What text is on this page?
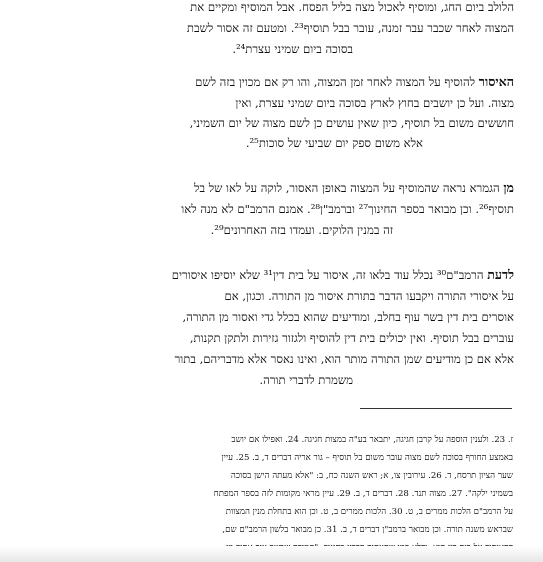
הלולב ביום החג, ומוסיף לאכול מצה בליל הפסח. אבל המוסיף ומקיים את
המצוה לאחר שכבר עבר זמנה, עובר בבל תוסיף²³. ומטעם זה אסור לשבת
בסוכה ביום שמיני עצרת²⁴.
האיסור להוסיף על המצוה לאחר זמן המצוה, והו רק אם מכוין בזה לשם
מצוה. ועל כן יושבים בחוץ לארץ בסוכה ביום שמיני עצרת, ואין
חוששים משום בל תוסיף, כיון שאין עושים כן לשם מצוה של יום השמיני,
אלא משום ספק יום שביעי של סוכות²⁵.
מן הגמרא נראה שהמוסיף על המצוה באופן האסור, לוקה על לאו של בל
תוסיף²⁶. וכן מבואר בספר החינוך²⁷ וברמב"ן²⁸. אמנם הרמב"ם לא מנה לאו
זה במנין הלוקים. ועמדו בזה האחרונים²⁹.
לדעת הרמב"ם³⁰ נכלל עוד בלאו זה, איסור על בית דין³¹ שלא יוסיפו איסורים
על איסורי התורה ויקבעו הדבר בתורת איסור מן התורה. וכגון, אם
אוסרים בית דין בשר עוף בחלב, ומודיעים שהוא בכלל גדי ואסור מן התורה,
עוברים בבל תוסיף. ואין יכולים בית דין להוסיף ולגזור גזירות ולתקן תקנות,
אלא אם כן מודיעים שמן התורה מותר הוא, ואינו נאסר אלא מדבריהם, בתור
משמרת לדברי תורה.
ז. 23. ולענין הוספה על קרבן חגיגה, יתבאר בע"ה במצות חגיגה. 24. ואפילו אם יושב
באמצע החורף בסוכה לשם מצוה עובר משום בל תוסיף – גור אריה דברים ד, ב. 25. עיין
שער הציון תרסח, ד. 26. עירובין צו, א; ראש השנה כח, ב: "אלא מעתה הישן בסוכה
בשמיני ילקה". 27. מצוה תנד. 28. דברים ד, ב. 29. עיין מראי מקומות לזה בספר המפתח
על הרמב"ם הלכות ממרים ב, ט. 30. הלכות ממרים ב, ט. וכן הוא בתחלת מנין המצוות
שבראש משנה תורה. וכן מבואר ברמב"ן דברים ד, ב. 31. כן מבואר בלשון הרמב"ם שם,
